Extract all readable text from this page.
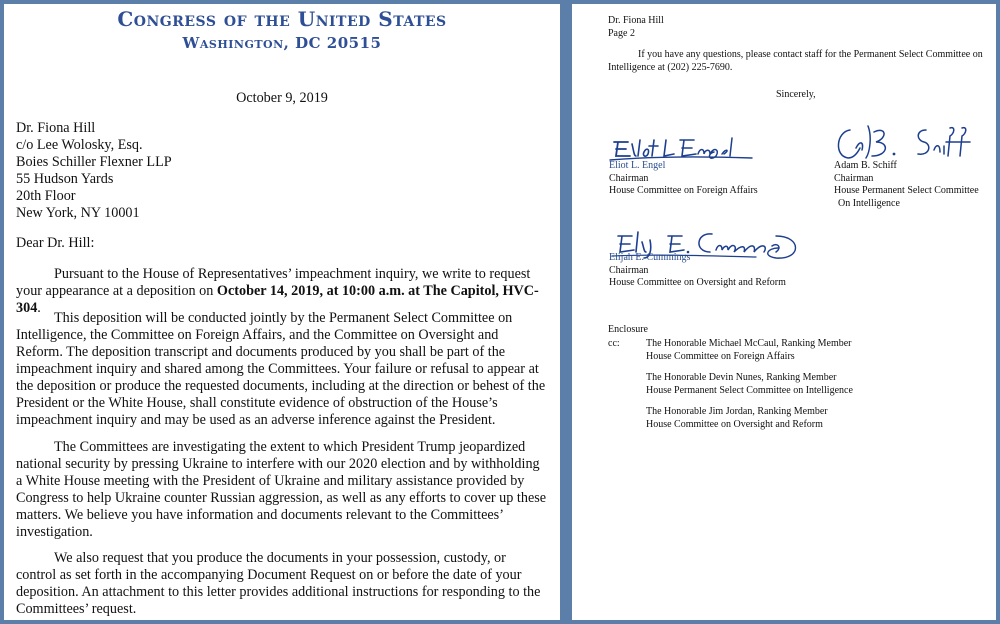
Congress of the United States
Washington, DC 20515
October 9, 2019
Dr. Fiona Hill
c/o Lee Wolosky, Esq.
Boies Schiller Flexner LLP
55 Hudson Yards
20th Floor
New York, NY 10001

Dear Dr. Hill:

Pursuant to the House of Representatives’ impeachment inquiry, we write to request your appearance at a deposition on October 14, 2019, at 10:00 a.m. at The Capitol, HVC-304.

This deposition will be conducted jointly by the Permanent Select Committee on Intelligence, the Committee on Foreign Affairs, and the Committee on Oversight and Reform. The deposition transcript and documents produced by you shall be part of the impeachment inquiry and shared among the Committees. Your failure or refusal to appear at the deposition or produce the requested documents, including at the direction or behest of the President or the White House, shall constitute evidence of obstruction of the House’s impeachment inquiry and may be used as an adverse inference against the President.

The Committees are investigating the extent to which President Trump jeopardized national security by pressing Ukraine to interfere with our 2020 election and by withholding a White House meeting with the President of Ukraine and military assistance provided by Congress to help Ukraine counter Russian aggression, as well as any efforts to cover up these matters. We believe you have information and documents relevant to the Committees’ investigation.

We also request that you produce the documents in your possession, custody, or control as set forth in the accompanying Document Request on or before the date of your deposition. An attachment to this letter provides additional instructions for responding to the Committees’ request.

Dr. Fiona Hill
Page 2

If you have any questions, please contact staff for the Permanent Select Committee on Intelligence at (202) 225-7690.

Sincerely,

Eliot L. Engel
Chairman
House Committee on Foreign Affairs
Adam B. Schiff
Chairman
House Permanent Select Committee
On Intelligence
Elijah E. Cummings
Chairman
House Committee on Oversight and Reform

Enclosure

cc:	The Honorable Michael McCaul, Ranking Member
House Committee on Foreign Affairs
The Honorable Devin Nunes, Ranking Member
House Permanent Select Committee on Intelligence
The Honorable Jim Jordan, Ranking Member
House Committee on Oversight and Reform
